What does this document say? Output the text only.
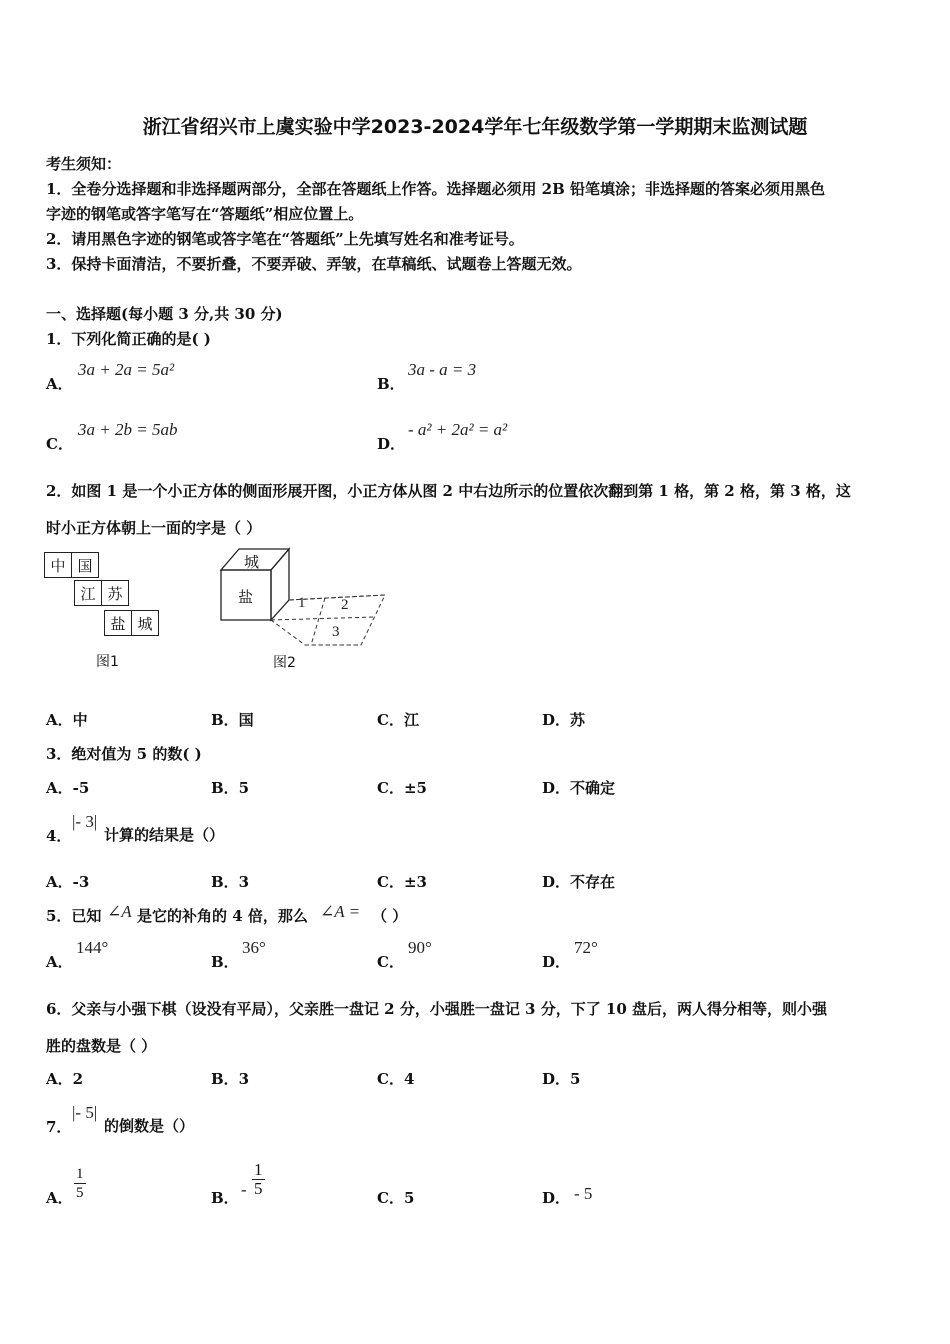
浙江省绍兴市上虞实验中学2023-2024学年七年级数学第一学期期末监测试题
考生须知：
1．全卷分选择题和非选择题两部分，全部在答题纸上作答。选择题必须用 2B 铅笔填涂；非选择题的答案必须用黑色
字迹的钢笔或答字笔写在“答题纸”相应位置上。
2．请用黑色字迹的钢笔或答字笔在“答题纸”上先填写姓名和准考证号。
3．保持卡面清洁，不要折叠，不要弄破、弄皱，在草稿纸、试题卷上答题无效。
一、选择题(每小题 3 分,共 30 分)
1．下列化简正确的是( )
A．
3a + 2a = 5a²
B．
3a - a = 3
C．
3a + 2b = 5ab
D．
- a² + 2a² = a²
2．如图 1 是一个小正方体的侧面形展开图，小正方体从图 2 中右边所示的位置依次翻到第 1 格，第 2 格，第 3 格，这
时小正方体朝上一面的字是（ ）
中 国
江 苏
盐 城
图1
城
盐	1 2
3
图2
A．中	B．国	C．江	D．苏
3．绝对值为 5 的数( )
A．-5	B．5	C．±5	D．不确定
4．
|- 3|
计算的结果是（）
A．-3	B．3	C．±3	D．不存在
5．已知 ∠A 是它的补角的 4 倍，那么 ∠A = （ ）
A．
144°
B．
36°
C．
90°
D．
72°
6．父亲与小强下棋（设没有平局），父亲胜一盘记 2 分，小强胜一盘记 3 分，下了 10 盘后，两人得分相等，则小强
胜的盘数是（ ）
A．2	B．3	C．4	D．5
7．
|- 5|
的倒数是（）
A． $\frac{1}{5}$	B． - $\frac{1}{5}$	C．5	D． - 5
